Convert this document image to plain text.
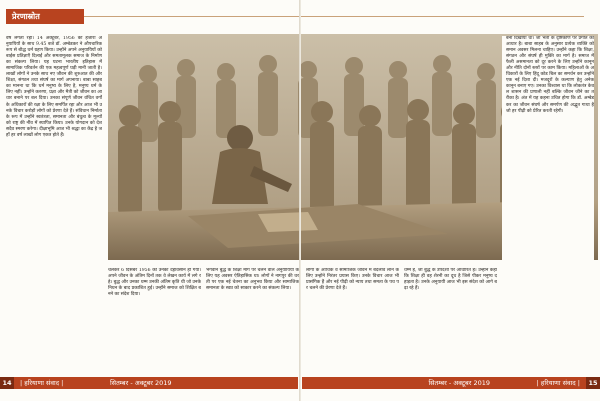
प्रेरणास्रोत
वर्ष लगता रहा। 14 अक्टूबर, 1956 को हजारों अनुयायियों के साथ 9.45 बजे डॉ. अम्बेडकर ने औपचारिक रूप से बौद्ध धर्म ग्रहण किया। उन्होंने अपने अनुयायियों को बाईस प्रतिज्ञाएँ दिलाईं और समतामूलक समाज के निर्माण का संकल्प लिया। यह घटना भारतीय इतिहास में सामाजिक परिवर्तन की एक महत्वपूर्ण घड़ी मानी जाती है। लाखों लोगों ने उनके साथ नए जीवन की शुरुआत की और शिक्षा, संगठन तथा संघर्ष का मार्ग अपनाया। बाबा साहब का मानना था कि धर्म मनुष्य के लिए है, मनुष्य धर्म के लिए नहीं। उन्होंने करुणा, प्रज्ञा और मैत्री को जीवन का आधार बनाने पर बल दिया। उनका संपूर्ण जीवन वंचित वर्गों के अधिकारों की रक्षा के लिए समर्पित रहा और आज भी उनके विचार करोड़ों लोगों को प्रेरणा देते हैं। संविधान निर्माता के रूप में उन्होंने स्वतंत्रता, समानता और बंधुत्व के मूल्यों को राष्ट्र की नींव में स्थापित किया। उनके योगदान को देश सदैव स्मरण करेगा। दीक्षाभूमि आज भी श्रद्धा का केंद्र है जहाँ हर वर्ष लाखों लोग एकत्र होते हैं।
चलकर 6 दिसंबर 1956 को उनका देहावसान हो गया। अपने जीवन के अंतिम दिनों तक वे लेखन कार्य में लगे रहे। बुद्ध और उनका धम्म उनकी अंतिम कृति थी जो उनके निधन के बाद प्रकाशित हुई। उन्होंने समाज को शिक्षित बनने का संदेश दिया।
भगवान बुद्ध के शिक्षा मार्ग पर चलने वाले अनुयायियों के लिए यह अवसर ऐतिहासिक था। लोगों ने नागपुर की धरती पर एक नई चेतना का अनुभव किया और सामाजिक समानता के स्वप्न को साकार करने का संकल्प लिया।
लोगों के आर्थिक व सामाजिक जीवन में बदलाव लाने के लिए उन्होंने निरंतर प्रयास किए। उनके विचार आज भी प्रासंगिक हैं और नई पीढ़ी को न्याय तथा समता के पथ पर चलने की प्रेरणा देते हैं।
धम्म है, जो बुद्ध के उपदेशों पर आधारित है। उन्होंने कहा कि शिक्षा ही वह शेरनी का दूध है जिसे पीकर मनुष्य दहाड़ता है। उनके अनुयायी आज भी इस संदेश को आगे बढ़ा रहे हैं।
बना दिखाया था। जो भर्ती के दृष्टिकोण पर प्रगति का आधार है। बाबा साहब के अनुसार प्रत्येक व्यक्ति को समान अवसर मिलना चाहिए। उन्होंने कहा कि शिक्षा, संगठन और संघर्ष ही मुक्ति का मार्ग है। समाज में फैली असमानता को दूर करने के लिए उन्होंने कानून और नीति दोनों स्तरों पर काम किया। महिलाओं के अधिकारों के लिए हिंदू कोड बिल का समर्थन कर उन्होंने एक नई दिशा दी। मजदूरों के कल्याण हेतु अनेक कानून बनाए गए। उनका विश्वास था कि लोकतंत्र केवल शासन की प्रणाली नहीं बल्कि जीवन जीने का तरीका है। अंत में यह कहना उचित होगा कि डॉ. अम्बेडकर का जीवन संघर्ष और समर्पण की अद्भुत गाथा है जो हर पीढ़ी को प्रेरित करती रहेगी।
14	| हरियाणा संवाद |	सितम्बर - अक्टूबर 2019	सितम्बर - अक्टूबर 2019	| हरियाणा संवाद |	15
